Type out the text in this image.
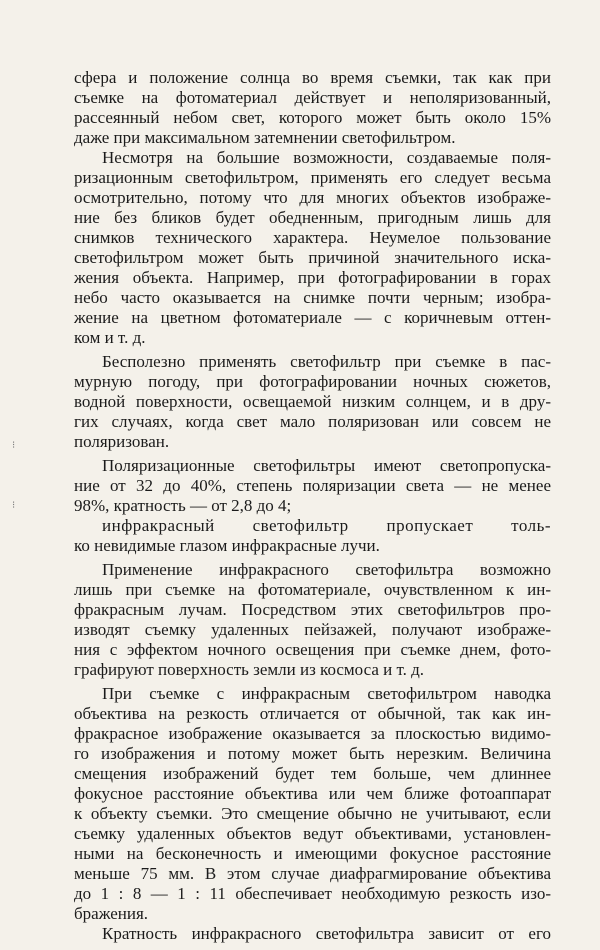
сфера и положение солнца во время съемки, так как при
съемке на фотоматериал действует и неполяризованный,
рассеянный небом свет, которого может быть около 15%
даже при максимальном затемнении светофильтром.
Несмотря на большие возможности, создаваемые поля-
ризационным светофильтром, применять его следует весьма
осмотрительно, потому что для многих объектов изображе-
ние без бликов будет обедненным, пригодным лишь для
снимков технического характера. Неумелое пользование
светофильтром может быть причиной значительного иска-
жения объекта. Например, при фотографировании в горах
небо часто оказывается на снимке почти черным; изобра-
жение на цветном фотоматериале — с коричневым оттен-
ком и т. д.
Бесполезно применять светофильтр при съемке в пас-
мурную погоду, при фотографировании ночных сюжетов,
водной поверхности, освещаемой низким солнцем, и в дру-
гих случаях, когда свет мало поляризован или совсем не
поляризован.
Поляризационные светофильтры имеют светопропуска-
ние от 32 до 40%, степень поляризации света — не менее
98%, кратность — от 2,8 до 4;
инфракрасный светофильтр пропускает толь-
ко невидимые глазом инфракрасные лучи.
Применение инфракрасного светофильтра возможно
лишь при съемке на фотоматериале, очувствленном к ин-
фракрасным лучам. Посредством этих светофильтров про-
изводят съемку удаленных пейзажей, получают изображе-
ния с эффектом ночного освещения при съемке днем, фото-
графируют поверхность земли из космоса и т. д.
При съемке с инфракрасным светофильтром наводка
объектива на резкость отличается от обычной, так как ин-
фракрасное изображение оказывается за плоскостью видимо-
го изображения и потому может быть нерезким. Величина
смещения изображений будет тем больше, чем длиннее
фокусное расстояние объектива или чем ближе фотоаппарат
к объекту съемки. Это смещение обычно не учитывают, если
съемку удаленных объектов ведут объективами, установлен-
ными на бесконечность и имеющими фокусное расстояние
меньше 75 мм. В этом случае диафрагмирование объектива
до 1 : 8 — 1 : 11 обеспечивает необходимую резкость изо-
бражения.
Кратность инфракрасного светофильтра зависит от его
⁝
⁝
